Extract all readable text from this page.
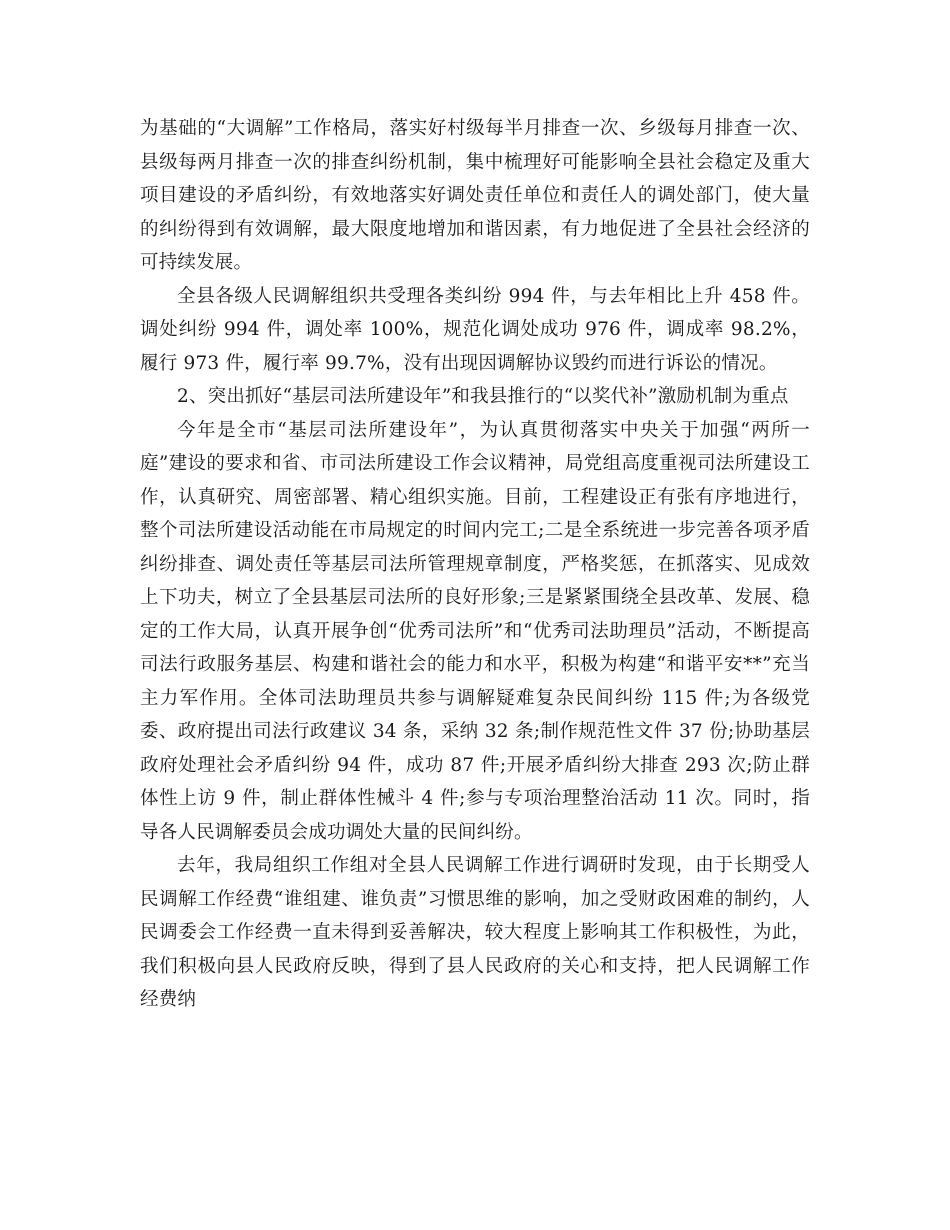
为基础的“大调解”工作格局，落实好村级每半月排查一次、乡级每月排查一次、县级每两月排查一次的排查纠纷机制，集中梳理好可能影响全县社会稳定及重大项目建设的矛盾纠纷，有效地落实好调处责任单位和责任人的调处部门，使大量的纠纷得到有效调解，最大限度地增加和谐因素，有力地促进了全县社会经济的可持续发展。

全县各级人民调解组织共受理各类纠纷 994 件，与去年相比上升 458 件。调处纠纷 994 件，调处率 100%，规范化调处成功 976 件，调成率 98.2%，履行 973 件，履行率 99.7%，没有出现因调解协议毁约而进行诉讼的情况。

2、突出抓好“基层司法所建设年”和我县推行的“以奖代补”激励机制为重点

今年是全市“基层司法所建设年”，为认真贯彻落实中央关于加强“两所一庭”建设的要求和省、市司法所建设工作会议精神，局党组高度重视司法所建设工作，认真研究、周密部署、精心组织实施。目前，工程建设正有张有序地进行，整个司法所建设活动能在市局规定的时间内完工;二是全系统进一步完善各项矛盾纠纷排查、调处责任等基层司法所管理规章制度，严格奖惩，在抓落实、见成效上下功夫，树立了全县基层司法所的良好形象;三是紧紧围绕全县改革、发展、稳定的工作大局，认真开展争创“优秀司法所”和“优秀司法助理员”活动，不断提高司法行政服务基层、构建和谐社会的能力和水平，积极为构建“和谐平安**”充当主力军作用。全体司法助理员共参与调解疑难复杂民间纠纷 115 件;为各级党委、政府提出司法行政建议 34 条，采纳 32 条;制作规范性文件 37 份;协助基层政府处理社会矛盾纠纷 94 件，成功 87 件;开展矛盾纠纷大排查 293 次;防止群体性上访 9 件，制止群体性械斗 4 件;参与专项治理整治活动 11 次。同时，指导各人民调解委员会成功调处大量的民间纠纷。

去年，我局组织工作组对全县人民调解工作进行调研时发现，由于长期受人民调解工作经费“谁组建、谁负责”习惯思维的影响，加之受财政困难的制约，人民调委会工作经费一直未得到妥善解决，较大程度上影响其工作积极性，为此，我们积极向县人民政府反映，得到了县人民政府的关心和支持，把人民调解工作经费纳
